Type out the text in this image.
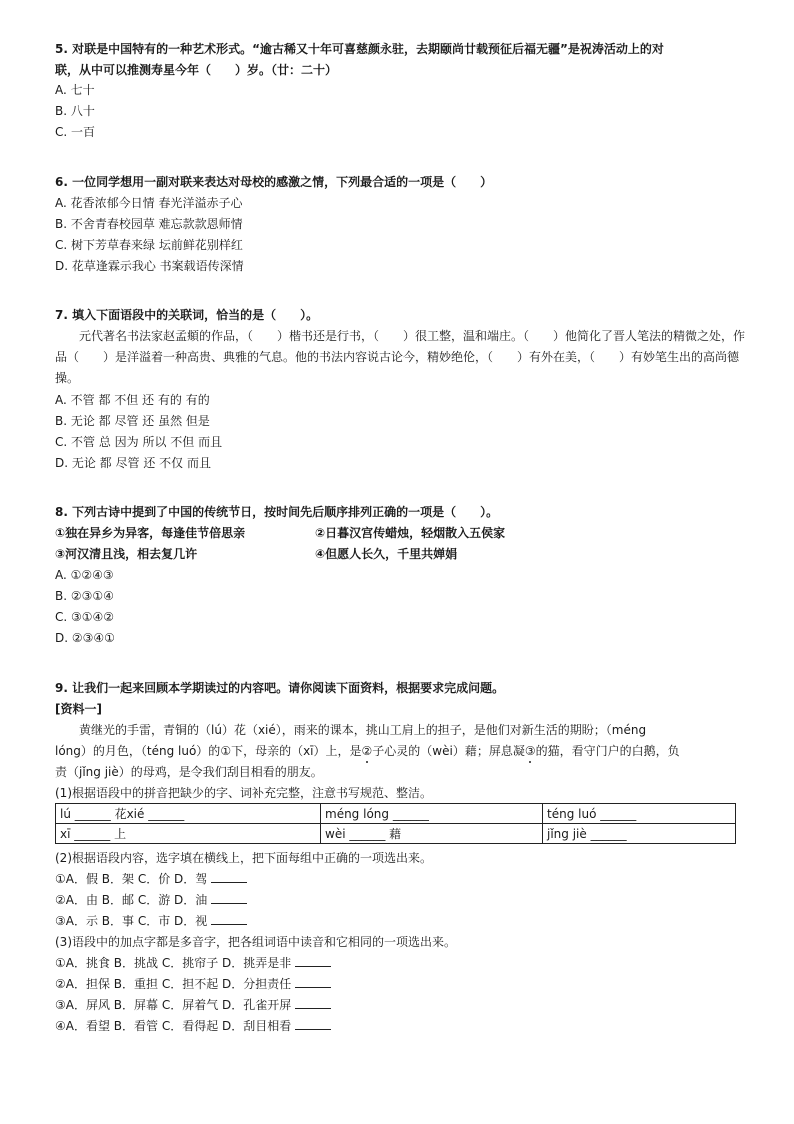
5. 对联是中国特有的一种艺术形式。“逾古稀又十年可喜慈颜永驻，去期颐尚廿载预征后福无疆”是祝涛活动上的对
联，从中可以推测寿星今年（　　）岁。（廿：二十）
A. 七十
B. 八十
C. 一百
6. 一位同学想用一副对联来表达对母校的感激之情，下列最合适的一项是（　　）
A. 花香浓郁今日情 春光洋溢赤子心
B. 不舍青春校园草 难忘款款恩师情
C. 树下芳草春来绿 坛前鲜花别样红
D. 花草逢霖示我心 书案载语传深情
7. 填入下面语段中的关联词，恰当的是（　　）。
元代著名书法家赵孟頫的作品，（　　）楷书还是行书，（　　）很工整，温和端庄。（　　）他简化了晋人笔法的精微之处，作品（　　）是洋溢着一种高贵、典雅的气息。他的书法内容说古论今，精妙绝伦，（　　）有外在美，（　　）有妙笔生出的高尚德操。
A. 不管 都 不但 还 有的 有的
B. 无论 都 尽管 还 虽然 但是
C. 不管 总 因为 所以 不但 而且
D. 无论 都 尽管 还 不仅 而且
8. 下列古诗中提到了中国的传统节日，按时间先后顺序排列正确的一项是（　　）。
①独在异乡为异客，每逢佳节倍思亲	②日暮汉宫传蜡烛，轻烟散入五侯家
③河汉清且浅，相去复几许	④但愿人长久，千里共婵娟
A. ①②④③
B. ②③①④
C. ③①④②
D. ②③④①
9. 让我们一起来回顾本学期读过的内容吧。请你阅读下面资料，根据要求完成问题。
[资料一]
黄继光的手雷，青铜的（lú）花（xié），雨来的课本，挑山工肩上的担子，是他们对新生活的期盼；（méng
lóng）的月色，（téng luó）的①下，母亲的（xī）上，是②子心灵的（wèi）藉；屏息凝③的猫，看守门户的白鹅，负
责（jǐng jiè）的母鸡，是令我们刮目相看的朋友。
(1)根据语段中的拼音把缺少的字、词补充完整，注意书写规范、整洁。
lú ______ 花xié ______	méng lóng ______	téng luó ______
xī ______ 上	wèi ______ 藉	jǐng jiè ______
(2)根据语段内容，选字填在横线上，把下面每组中正确的一项选出来。
①A．假 B．架 C．价 D．驾
②A．由 B．邮 C．游 D．油
③A．示 B．事 C．市 D．视
(3)语段中的加点字都是多音字，把各组词语中读音和它相同的一项选出来。
①A．挑食 B．挑战 C．挑帘子 D．挑弄是非
②A．担保 B．重担 C．担不起 D．分担责任
③A．屏风 B．屏幕 C．屏着气 D．孔雀开屏
④A．看望 B．看管 C．看得起 D．刮目相看
